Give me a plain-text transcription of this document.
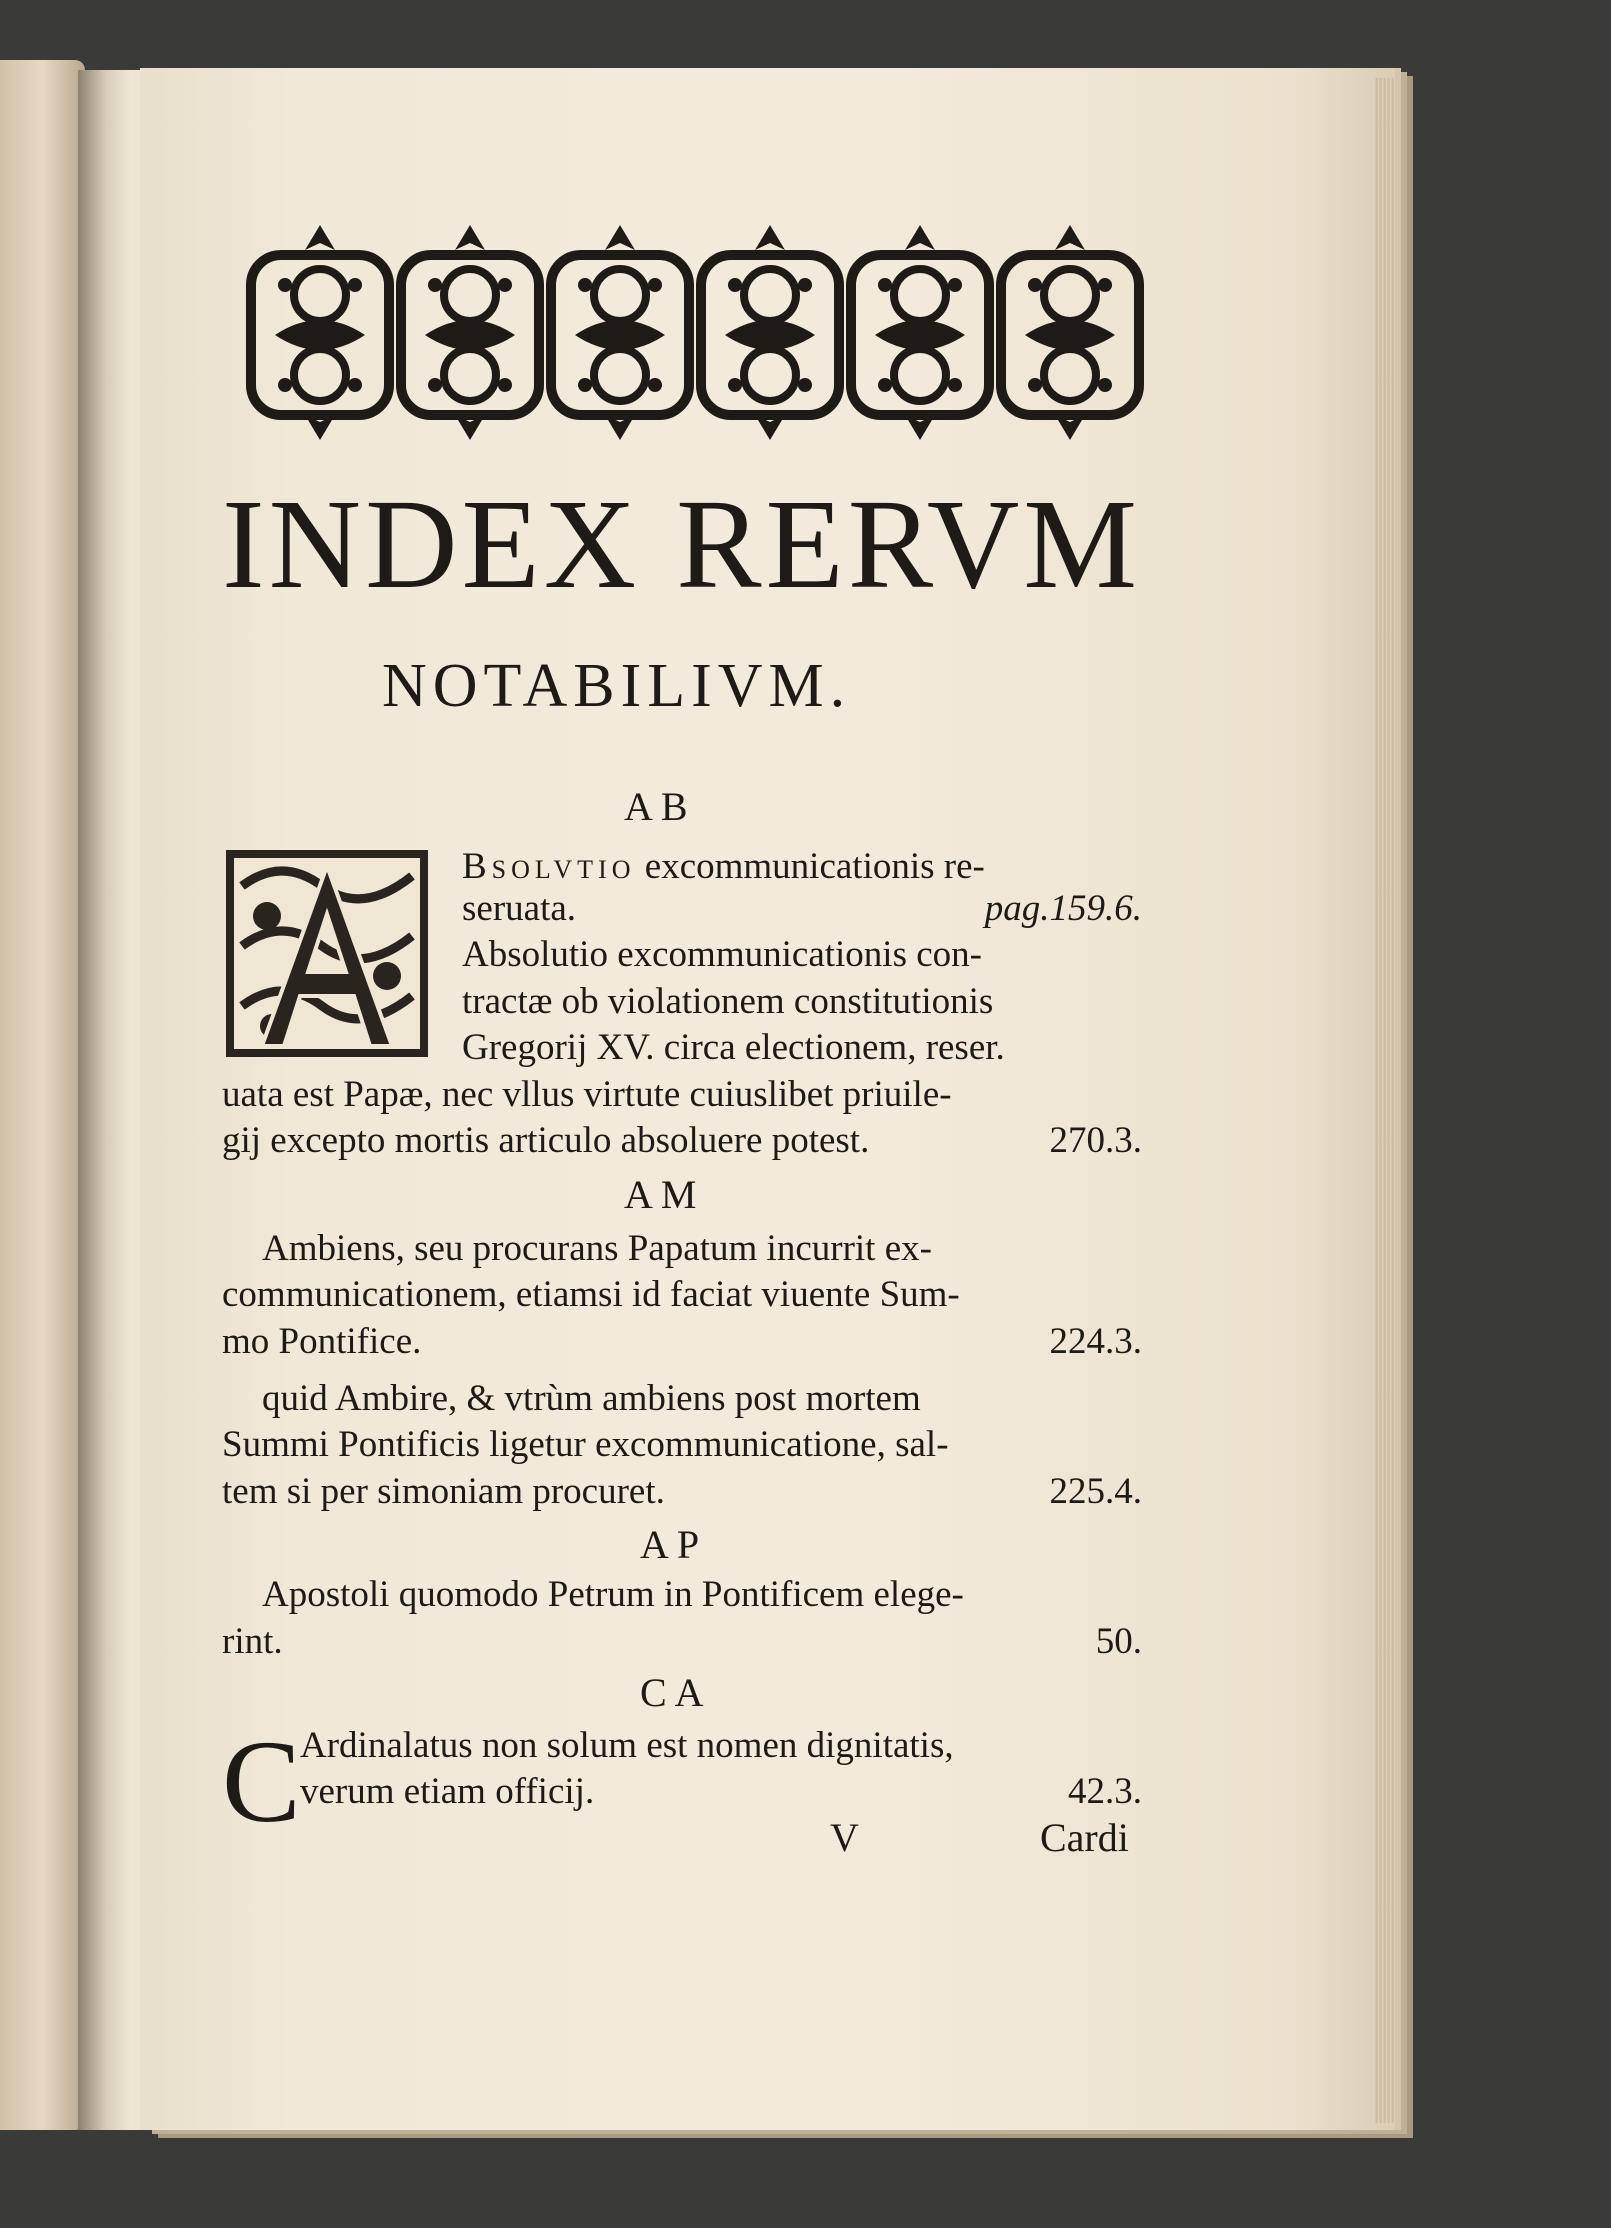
INDEX RERVM
NOTABILIVM.
AB
Bsolvtio excommunicationis re-
seruata.	pag.159.6.
Absolutio excommunicationis con-
tractæ ob violationem constitutionis
Gregorij XV. circa electionem, reser.
uata est Papæ, nec vllus virtute cuiuslibet priuile-
gij excepto mortis articulo absoluere potest.	270.3.
AM
Ambiens, seu procurans Papatum incurrit ex-
communicationem, etiamsi id faciat viuente Sum-
mo Pontifice.	224.3.
quid Ambire, & vtrùm ambiens post mortem
Summi Pontificis ligetur excommunicatione, sal-
tem si per simoniam procuret.	225.4.
AP
Apostoli quomodo Petrum in Pontificem elege-
rint.	50.
CA
C Ardinalatus non solum est nomen dignitatis,
verum etiam officij.	42.3.
V	Cardi
